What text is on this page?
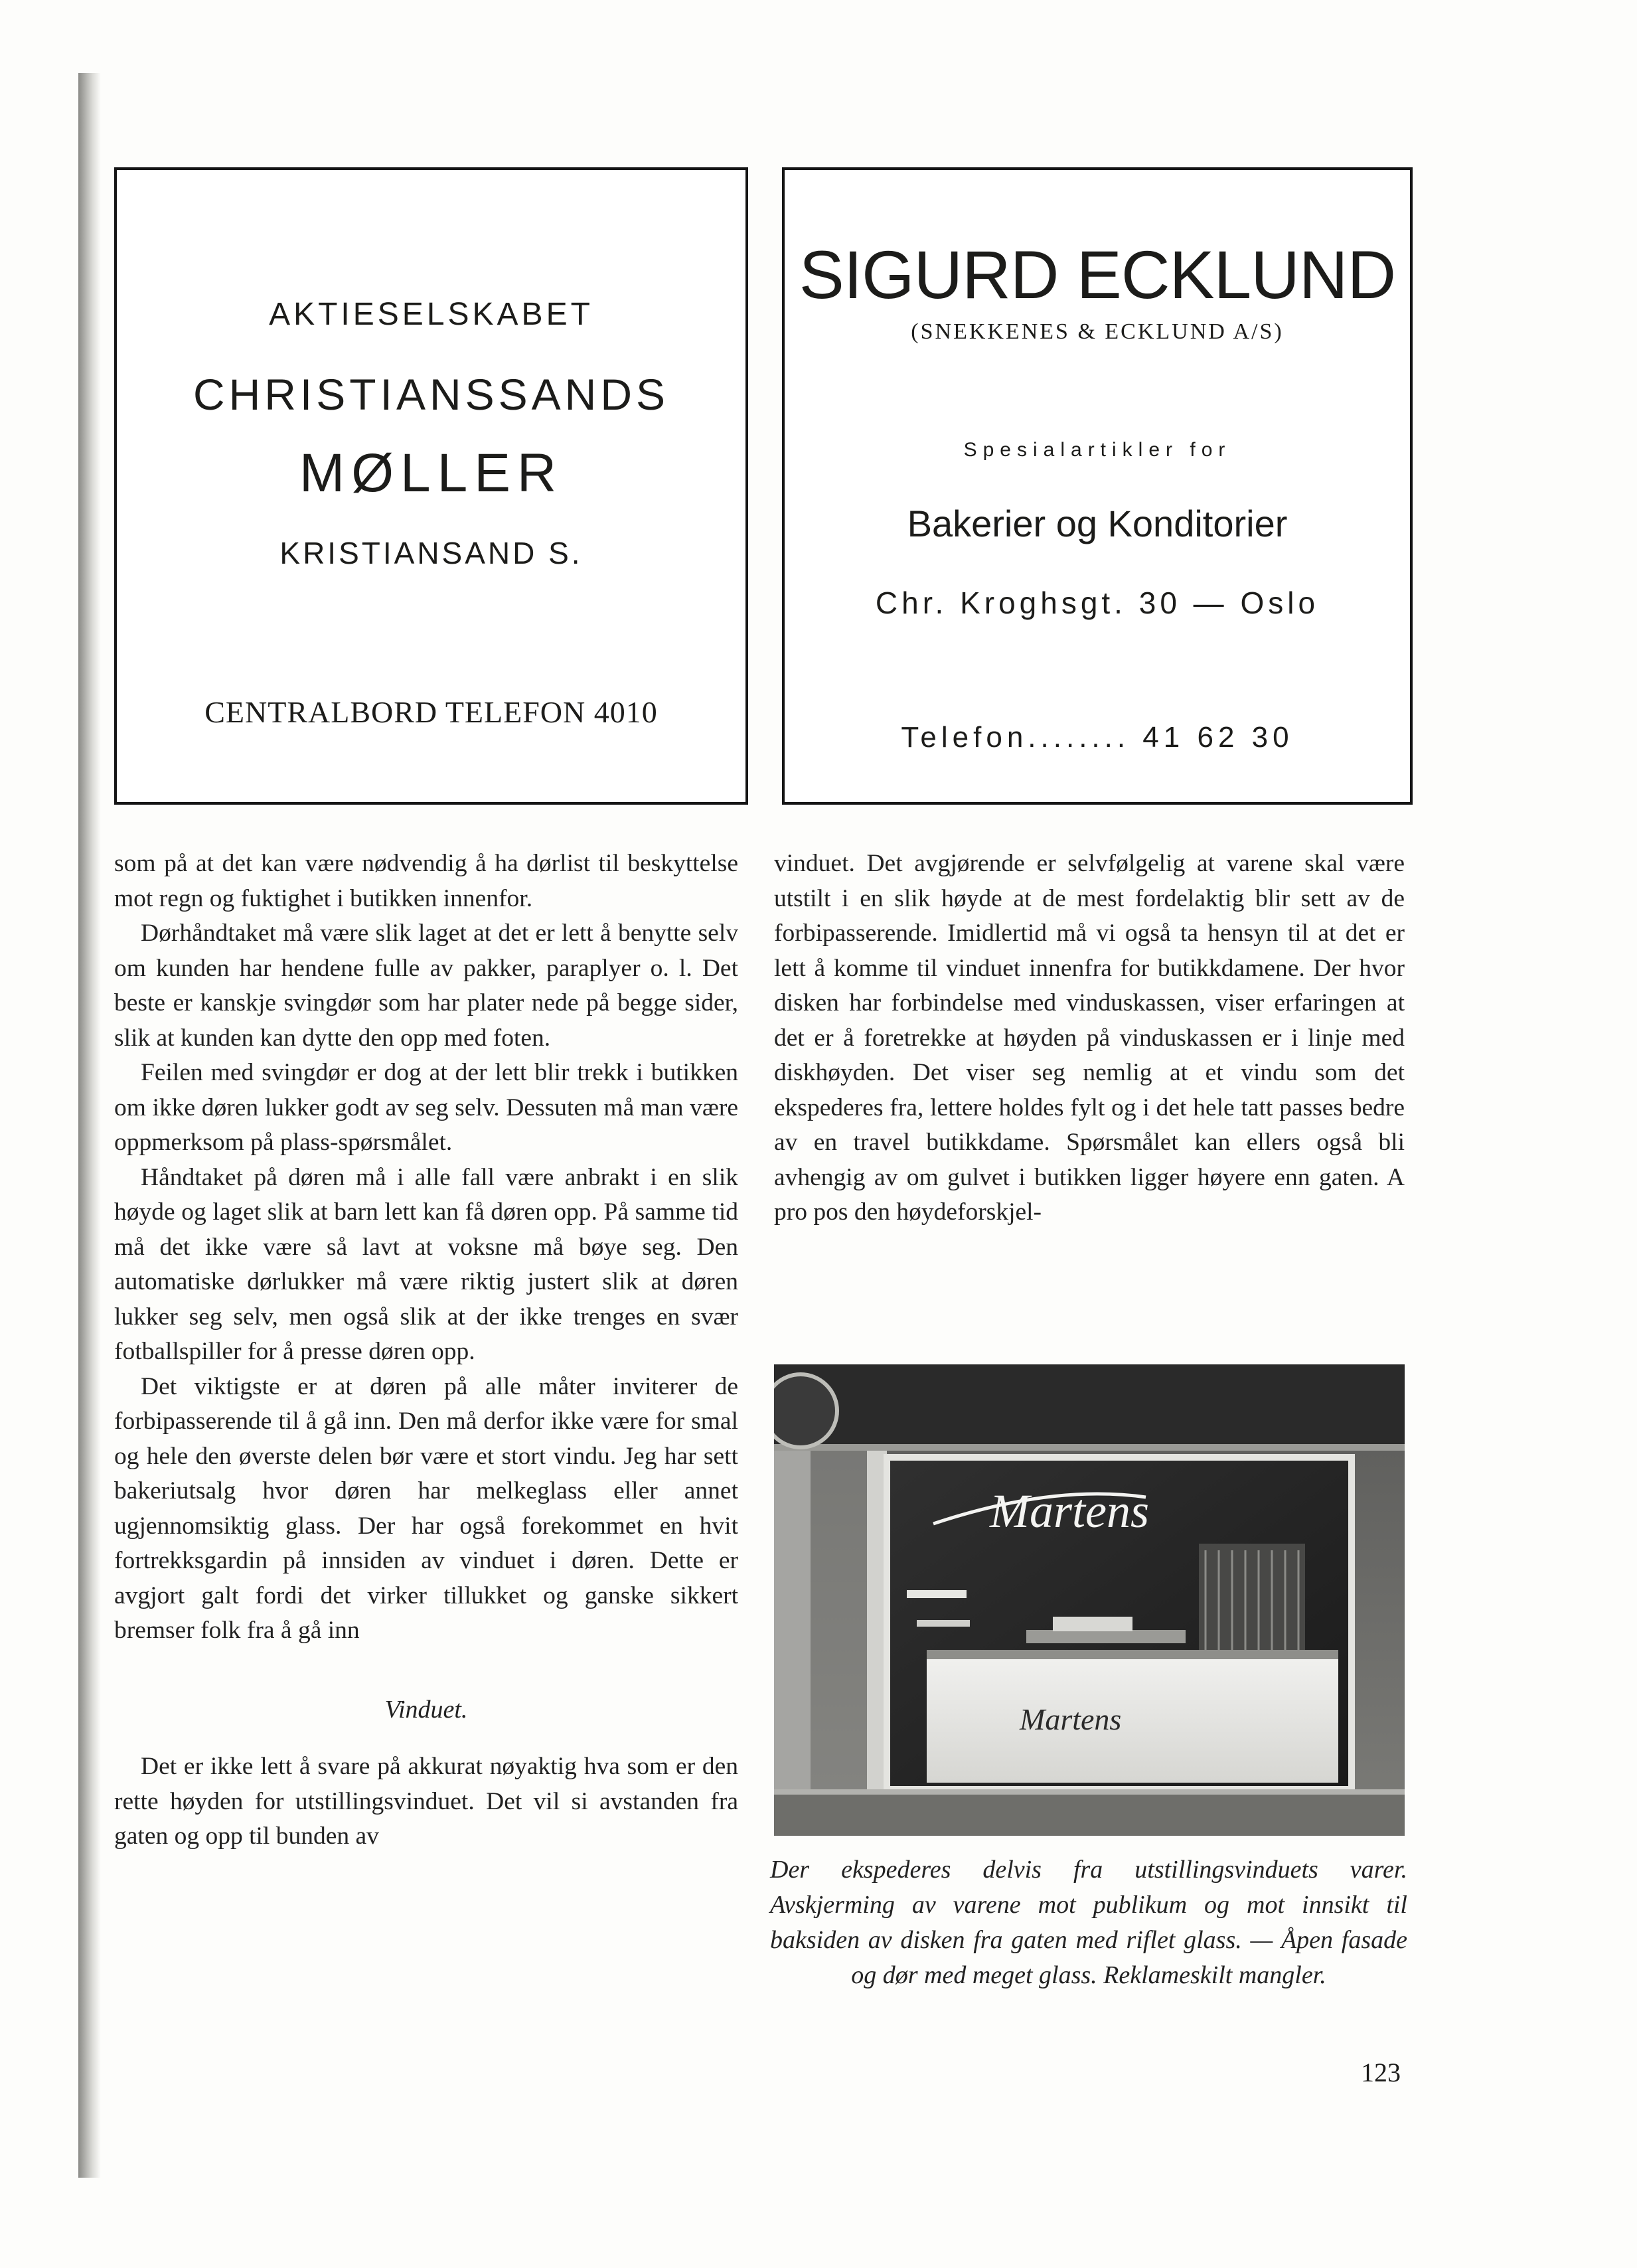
AKTIESELSKABET
CHRISTIANSSANDS
MØLLER
KRISTIANSAND S.
CENTRALBORD TELEFON 4010
SIGURD ECKLUND
(SNEKKENES & ECKLUND A/S)
Spesialartikler for
Bakerier og Konditorier
Chr. Kroghsgt. 30 — Oslo
Telefon........ 41 62 30

som på at det kan være nødvendig å ha dørlist til beskyttelse mot regn og fuktighet i butikken innenfor.

Dørhåndtaket må være slik laget at det er lett å benytte selv om kunden har hendene fulle av pakker, paraplyer o. l. Det beste er kanskje svingdør som har plater nede på begge sider, slik at kunden kan dytte den opp med foten.

Feilen med svingdør er dog at der lett blir trekk i butikken om ikke døren lukker godt av seg selv. Dessuten må man være oppmerksom på plass-spørsmålet.

Håndtaket på døren må i alle fall være anbrakt i en slik høyde og laget slik at barn lett kan få døren opp. På samme tid må det ikke være så lavt at voksne må bøye seg. Den automatiske dørlukker må være riktig justert slik at døren lukker seg selv, men også slik at der ikke trenges en svær fotballspiller for å presse døren opp.

Det viktigste er at døren på alle måter inviterer de forbipasserende til å gå inn. Den må derfor ikke være for smal og hele den øverste delen bør være et stort vindu. Jeg har sett bakeriutsalg hvor døren har melkeglass eller annet ugjennomsiktig glass. Der har også forekommet en hvit fortrekksgardin på innsiden av vinduet i døren. Dette er avgjort galt fordi det virker tillukket og ganske sikkert bremser folk fra å gå inn

Vinduet.

Det er ikke lett å svare på akkurat nøyaktig hva som er den rette høyden for utstillingsvinduet. Det vil si avstanden fra gaten og opp til bunden av

vinduet. Det avgjørende er selvfølgelig at varene skal være utstilt i en slik høyde at de mest fordelaktig blir sett av de forbipasserende. Imidlertid må vi også ta hensyn til at det er lett å komme til vinduet innenfra for butikkdamene. Der hvor disken har forbindelse med vinduskassen, viser erfaringen at det er å foretrekke at høyden på vinduskassen er i linje med diskhøyden. Det viser seg nemlig at et vindu som det ekspederes fra, lettere holdes fylt og i det hele tatt passes bedre av en travel butikkdame. Spørsmålet kan ellers også bli avhengig av om gulvet i butikken ligger høyere enn gaten. A pro pos den høydeforskjel-

Martens
Martens
Der ekspederes delvis fra utstillingsvinduets varer. Avskjerming av varene mot publikum og mot innsikt til baksiden av disken fra gaten med riflet glass. — Åpen fasade og dør med meget glass. Reklameskilt mangler.
123
